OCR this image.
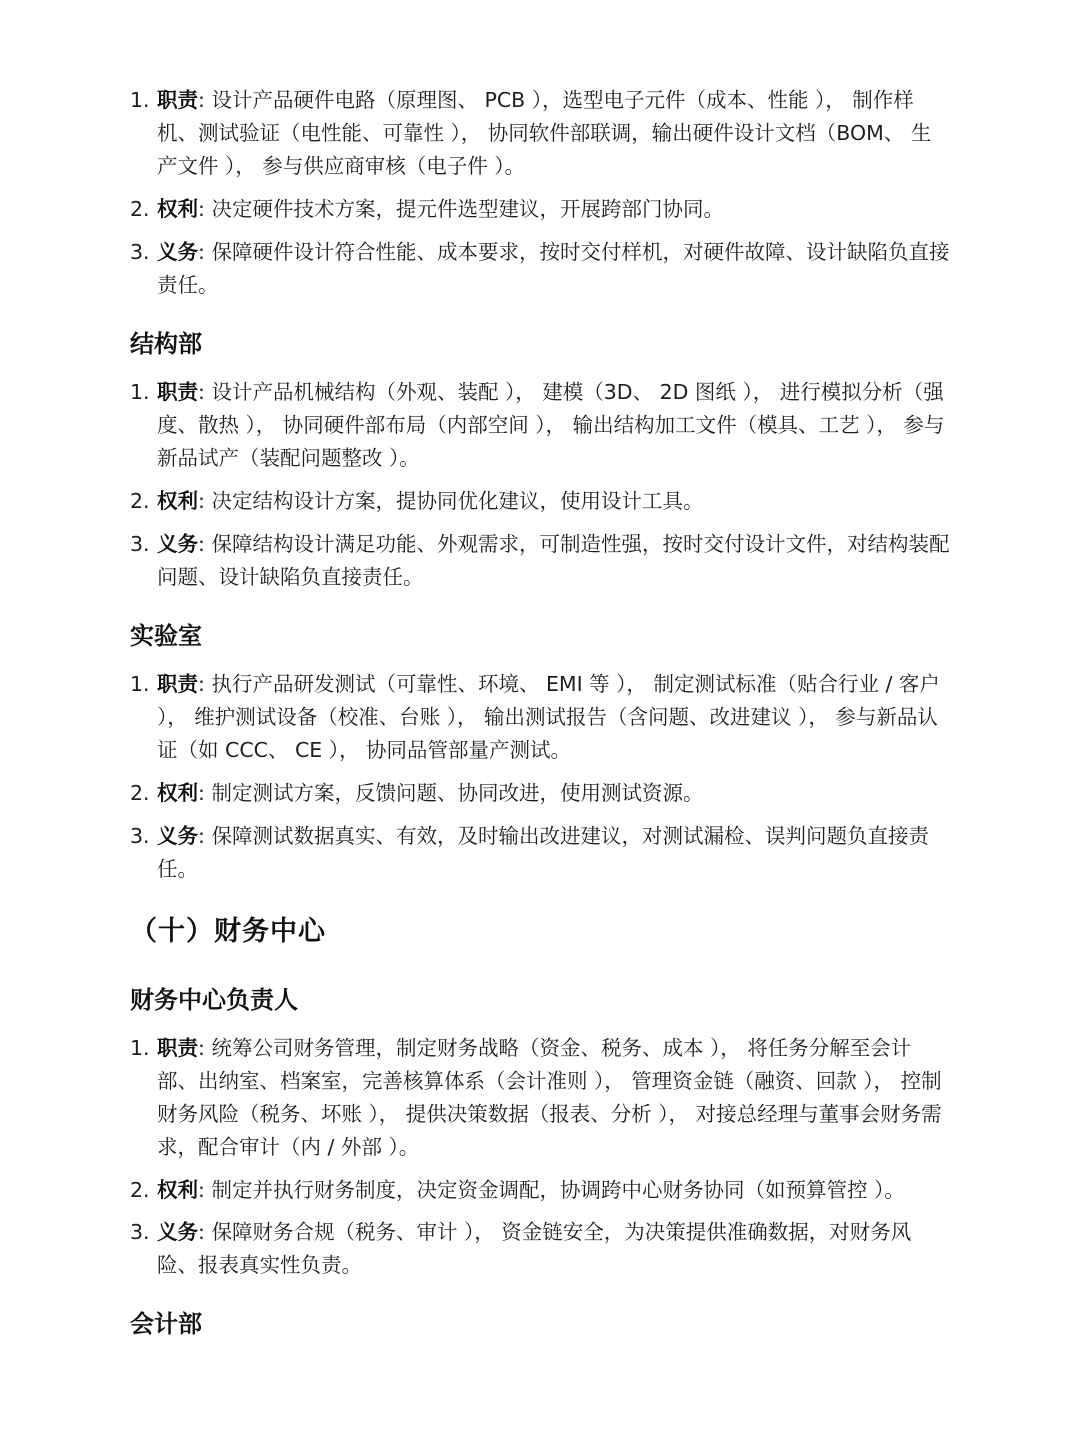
1. 职责: 设计产品硬件电路（原理图、 PCB ），选型电子元件（成本、性能 ）， 制作样机、测试验证（电性能、可靠性 ）， 协同软件部联调，输出硬件设计文档（BOM、 生产文件 ）， 参与供应商审核（电子件 ）。
2. 权利: 决定硬件技术方案，提元件选型建议，开展跨部门协同。
3. 义务: 保障硬件设计符合性能、成本要求，按时交付样机，对硬件故障、设计缺陷负直接责任。
结构部
1. 职责: 设计产品机械结构（外观、装配 ）， 建模（3D、 2D 图纸 ）， 进行模拟分析（强度、散热 ）， 协同硬件部布局（内部空间 ）， 输出结构加工文件（模具、工艺 ）， 参与新品试产（装配问题整改 ）。
2. 权利: 决定结构设计方案，提协同优化建议，使用设计工具。
3. 义务: 保障结构设计满足功能、外观需求，可制造性强，按时交付设计文件，对结构装配问题、设计缺陷负直接责任。
实验室
1. 职责: 执行产品研发测试（可靠性、环境、 EMI 等 ）， 制定测试标准（贴合行业 / 客户 ）， 维护测试设备（校准、台账 ）， 输出测试报告（含问题、改进建议 ）， 参与新品认证（如 CCC、 CE ）， 协同品管部量产测试。
2. 权利: 制定测试方案，反馈问题、协同改进，使用测试资源。
3. 义务: 保障测试数据真实、有效，及时输出改进建议，对测试漏检、误判问题负直接责任。
（十）财务中心
财务中心负责人
1. 职责: 统筹公司财务管理，制定财务战略（资金、税务、成本 ）， 将任务分解至会计部、出纳室、档案室，完善核算体系（会计准则 ）， 管理资金链（融资、回款 ）， 控制财务风险（税务、坏账 ）， 提供决策数据（报表、分析 ）， 对接总经理与董事会财务需求，配合审计（内 / 外部 ）。
2. 权利: 制定并执行财务制度，决定资金调配，协调跨中心财务协同（如预算管控 ）。
3. 义务: 保障财务合规（税务、审计 ）， 资金链安全，为决策提供准确数据，对财务风险、报表真实性负责。
会计部
